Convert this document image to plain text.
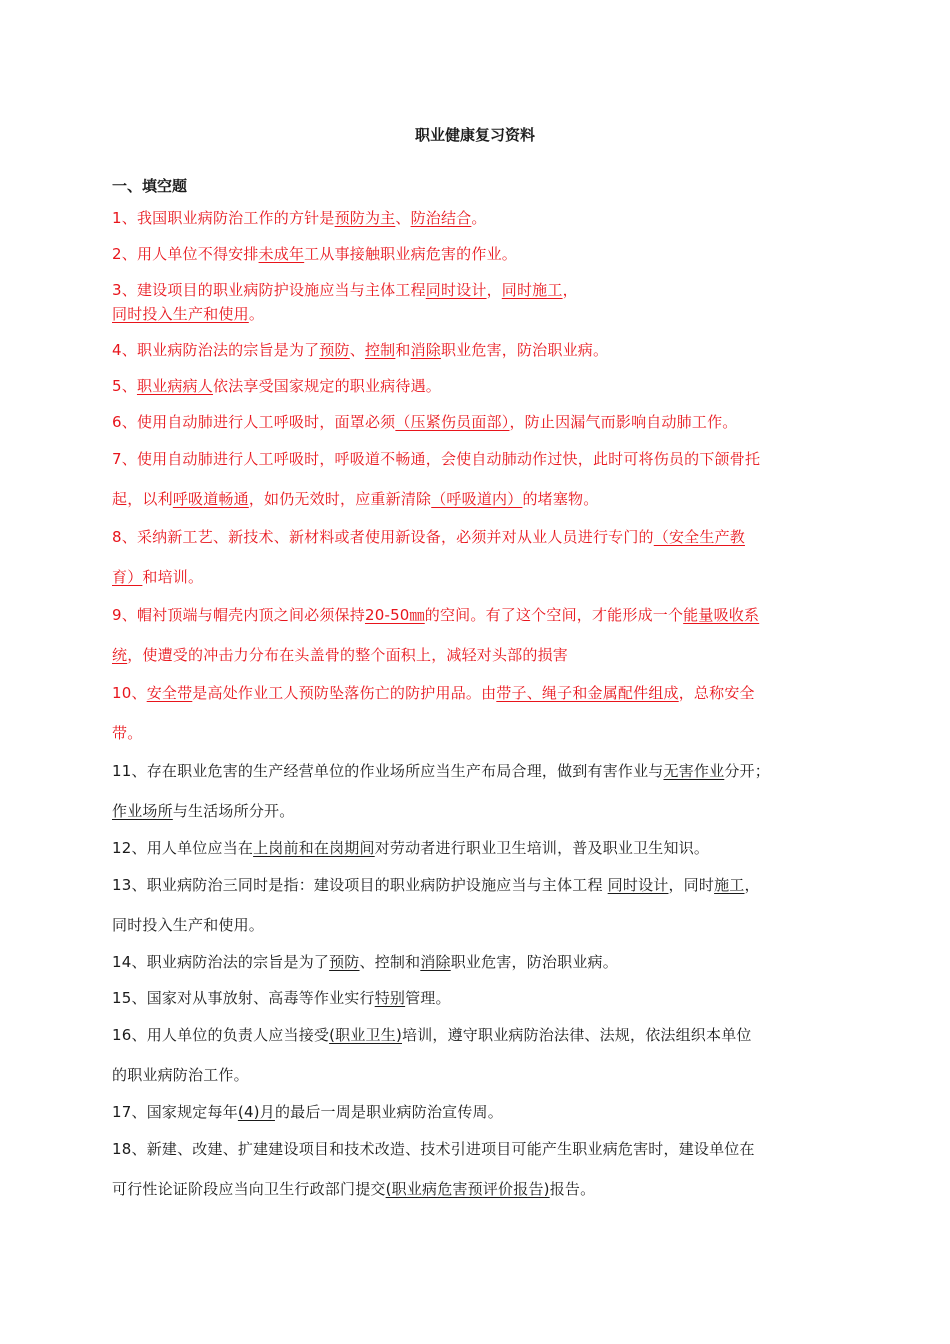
职业健康复习资料
一、填空题
1、我国职业病防治工作的方针是预防为主、防治结合。
2、用人单位不得安排未成年工从事接触职业病危害的作业。
3、建设项目的职业病防护设施应当与主体工程同时设计，同时施工，
同时投入生产和使用。
4、职业病防治法的宗旨是为了预防、控制和消除职业危害，防治职业病。
5、职业病病人依法享受国家规定的职业病待遇。
6、使用自动肺进行人工呼吸时，面罩必须（压紧伤员面部），防止因漏气而影响自动肺工作。
7、使用自动肺进行人工呼吸时，呼吸道不畅通，会使自动肺动作过快，此时可将伤员的下颌骨托
起，以利呼吸道畅通，如仍无效时，应重新清除（呼吸道内）的堵塞物。
8、采纳新工艺、新技术、新材料或者使用新设备，必须并对从业人员进行专门的（安全生产教
育）和培训。
9、帽衬顶端与帽壳内顶之间必须保持20-50㎜的空间。有了这个空间，才能形成一个能量吸收系
统，使遭受的冲击力分布在头盖骨的整个面积上，减轻对头部的损害
10、安全带是高处作业工人预防坠落伤亡的防护用品。由带子、绳子和金属配件组成，总称安全
带。
11、存在职业危害的生产经营单位的作业场所应当生产布局合理，做到有害作业与无害作业分开；
作业场所与生活场所分开。
12、用人单位应当在上岗前和在岗期间对劳动者进行职业卫生培训，普及职业卫生知识。
13、职业病防治三同时是指：建设项目的职业病防护设施应当与主体工程 同时设计，同时施工，
同时投入生产和使用。
14、职业病防治法的宗旨是为了预防、控制和消除职业危害，防治职业病。
15、国家对从事放射、高毒等作业实行特别管理。
16、用人单位的负责人应当接受(职业卫生)培训，遵守职业病防治法律、法规，依法组织本单位
的职业病防治工作。
17、国家规定每年(4)月的最后一周是职业病防治宣传周。
18、新建、改建、扩建建设项目和技术改造、技术引进项目可能产生职业病危害时，建设单位在
可行性论证阶段应当向卫生行政部门提交(职业病危害预评价报告)报告。
